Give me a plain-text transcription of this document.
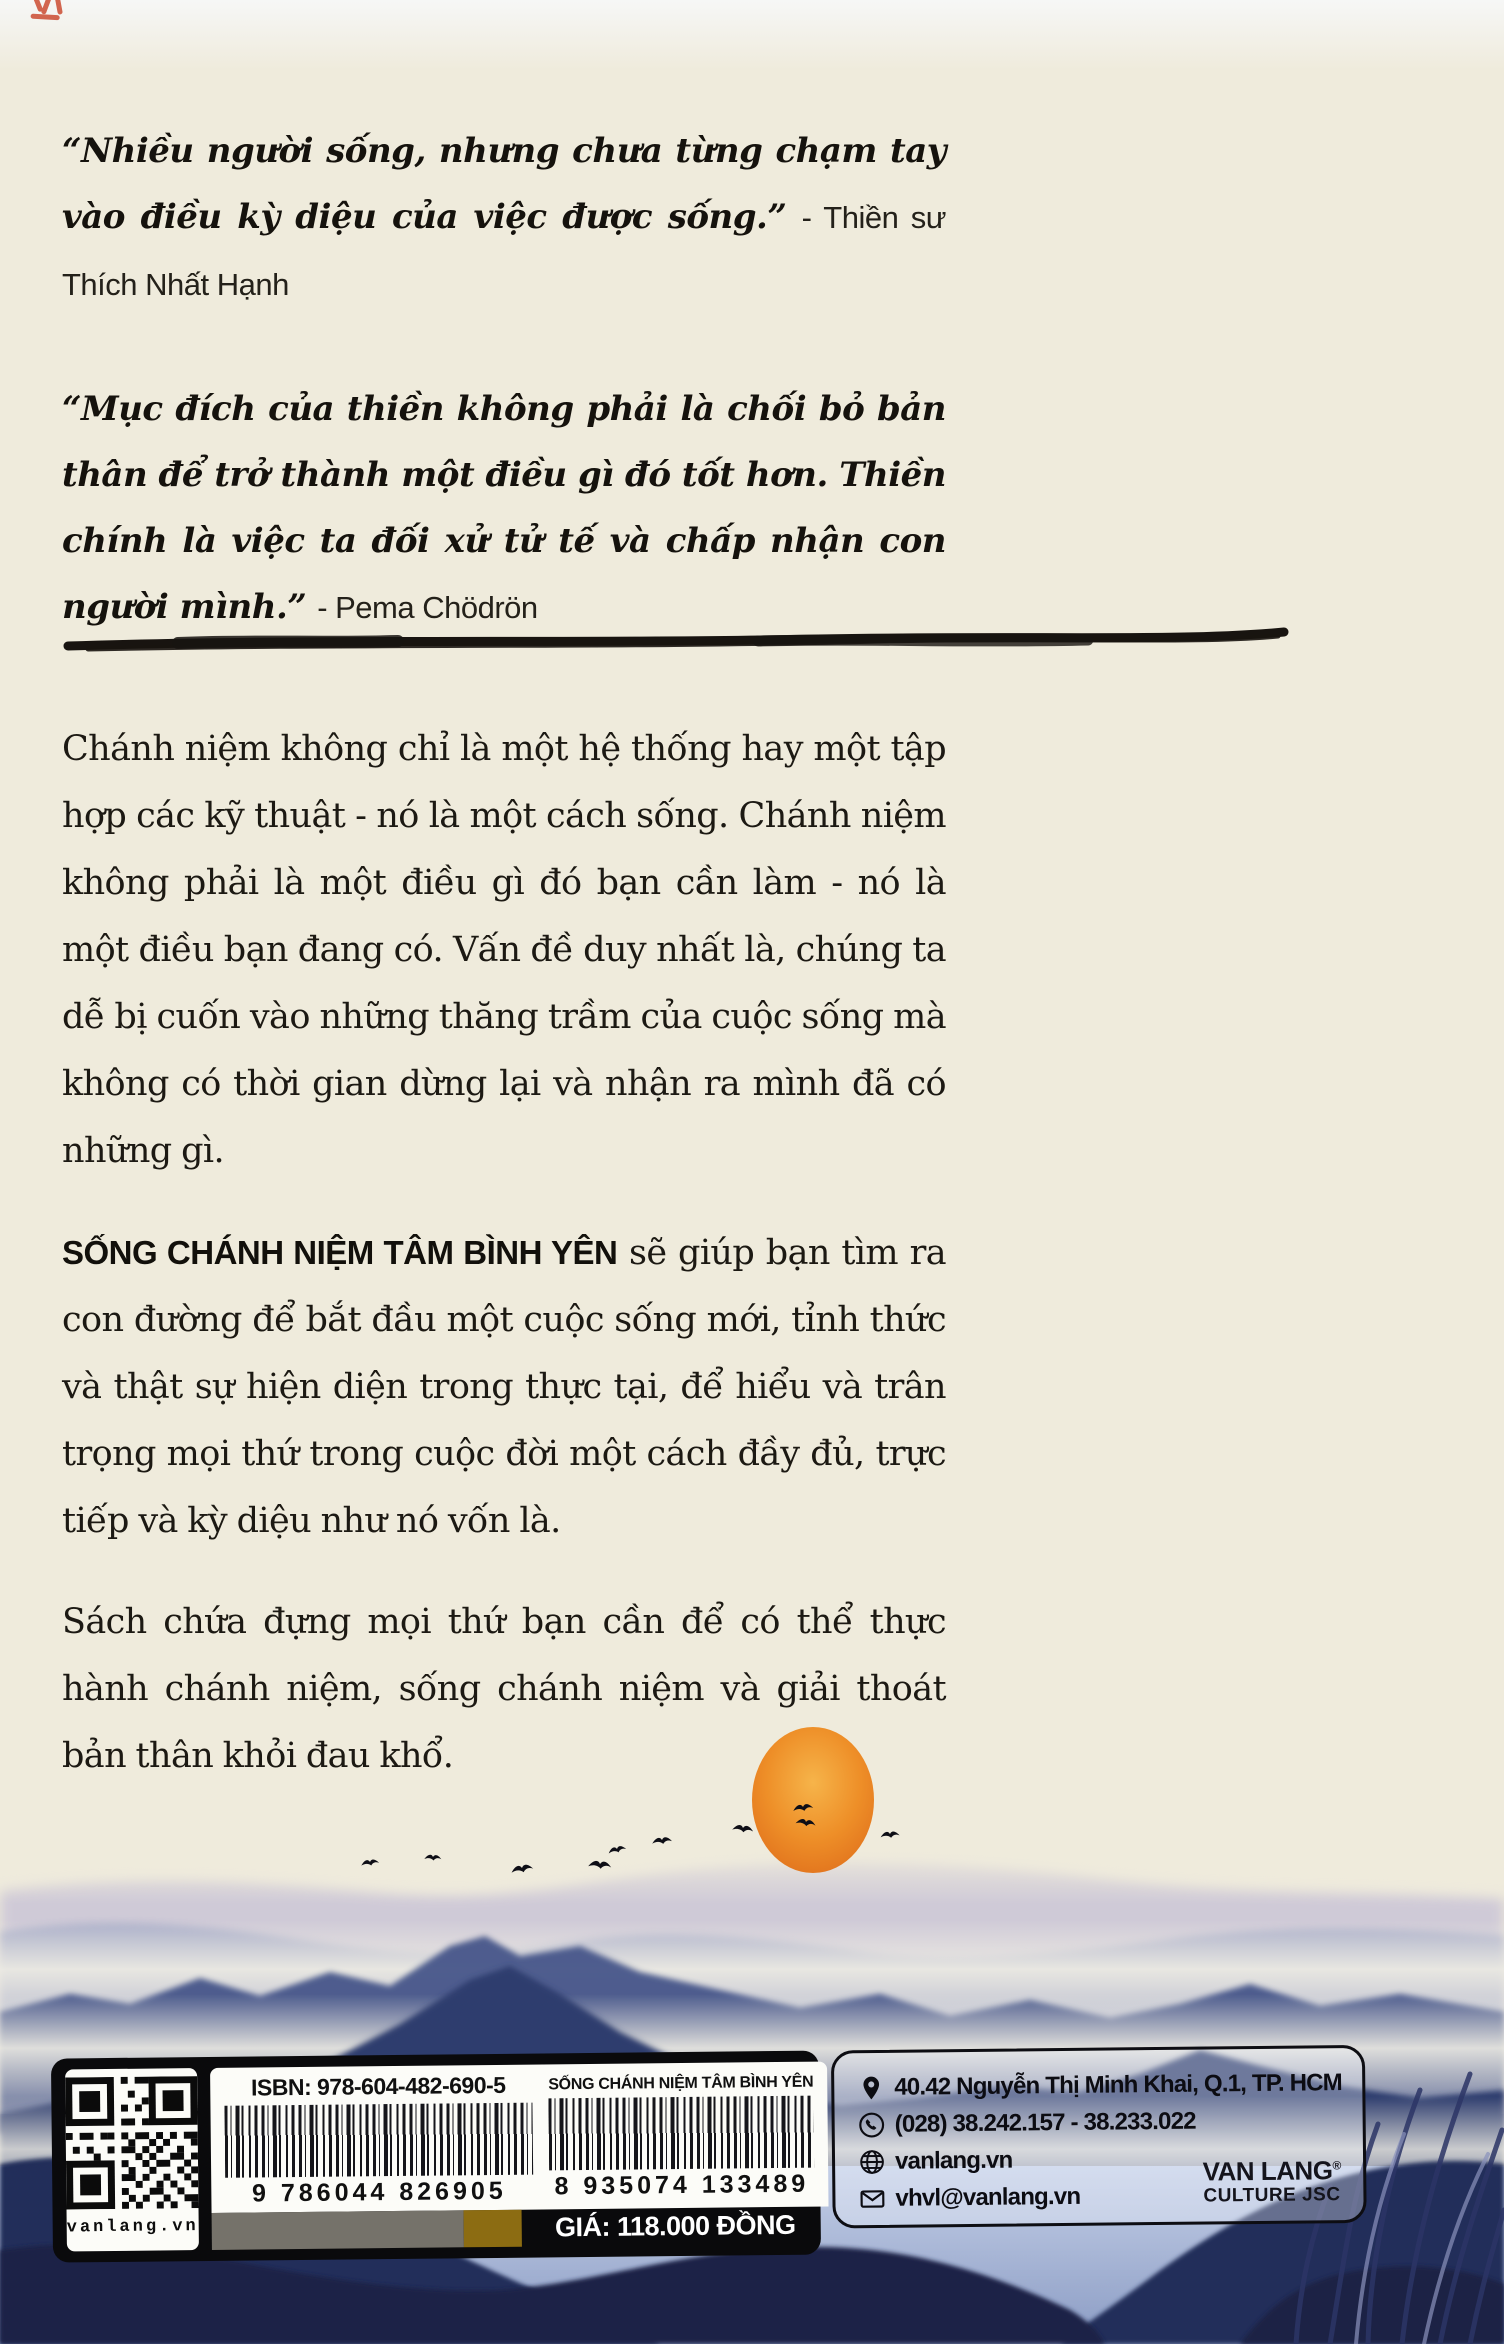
“Nhiều người sống, nhưng chưa từng chạm tay vào điều kỳ diệu của việc được sống.” - Thiền sư Thích Nhất Hạnh

“Mục đích của thiền không phải là chối bỏ bản thân để trở thành một điều gì đó tốt hơn. Thiền chính là việc ta đối xử tử tế và chấp nhận con người mình.” - Pema Chödrön

Chánh niệm không chỉ là một hệ thống hay một tập hợp các kỹ thuật - nó là một cách sống. Chánh niệm không phải là một điều gì đó bạn cần làm - nó là một điều bạn đang có. Vấn đề duy nhất là, chúng ta dễ bị cuốn vào những thăng trầm của cuộc sống mà không có thời gian dừng lại và nhận ra mình đã có những gì.

SỐNG CHÁNH NIỆM TÂM BÌNH YÊN sẽ giúp bạn tìm ra con đường để bắt đầu một cuộc sống mới, tỉnh thức và thật sự hiện diện trong thực tại, để hiểu và trân trọng mọi thứ trong cuộc đời một cách đầy đủ, trực tiếp và kỳ diệu như nó vốn là.

Sách chứa đựng mọi thứ bạn cần để có thể thực hành chánh niệm, sống chánh niệm và giải thoát bản thân khỏi đau khổ.

vanlang.vn
ISBN: 978-604-482-690-5
9 786044 826905
SỐNG CHÁNH NIỆM TÂM BÌNH YÊN
8 935074 133489
GIÁ: 118.000 ĐỒNG
40.42 Nguyễn Thị Minh Khai, Q.1, TP. HCM
(028) 38.242.157 - 38.233.022
vanlang.vn
vhvl@vanlang.vn
VAN LANG®
CULTURE JSC
